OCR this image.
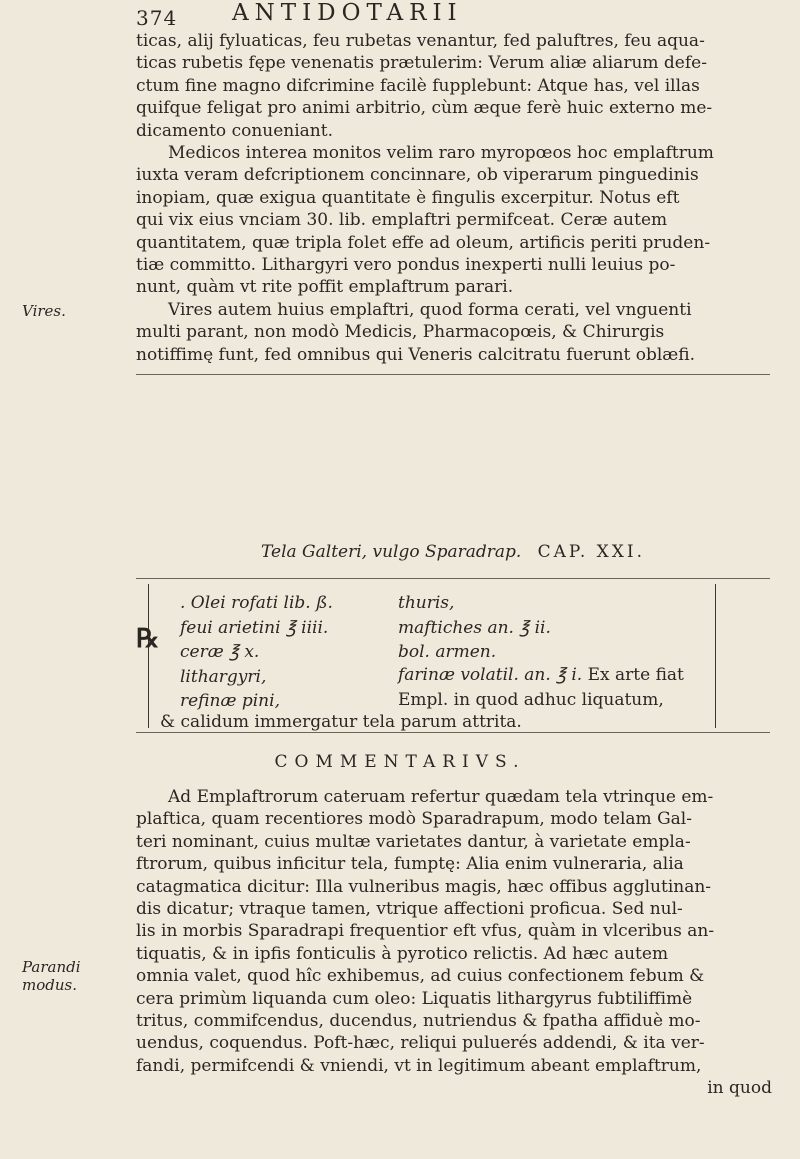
374 ANTIDOTARII
ticas, alij fyluaticas, feu rubetas venantur, fed paluftres, feu aqua-
ticas rubetis fępe venenatis prætulerim: Verum aliæ aliarum defe-
ctum fine magno difcrimine facilè fupplebunt: Atque has, vel illas
quifque feligat pro animi arbitrio, cùm æque ferè huic externo me-
dicamento conueniant.
Medicos interea monitos velim raro myropœos hoc emplaftrum
iuxta veram defcriptionem concinnare, ob viperarum pinguedinis
inopiam, quæ exigua quantitate è fingulis excerpitur. Notus eft
qui vix eius vnciam 30. lib. emplaftri permifceat. Ceræ autem
quantitatem, quæ tripla folet effe ad oleum, artificis periti pruden-
tiæ committo. Lithargyri vero pondus inexperti nulli leuius po-
nunt, quàm vt rite poffit emplaftrum parari.
Vires autem huius emplaftri, quod forma cerati, vel vnguenti
multi parant, non modò Medicis, Pharmacopœis, & Chirurgis
notiffimę funt, fed omnibus qui Veneris calcitratu fuerunt oblæfi.
Vires.
Tela Galteri, vulgo Sparadrap. CAP. XXI.
℞
. Olei rofati lib. ß.
feui arietini ℥ iiii.
ceræ ℥ x.
lithargyri,
refinæ pini,
thuris,
maftiches an. ℥ ii.
bol. armen.
farinæ volatil. an. ℥ i. Ex arte fiat
Empl. in quod adhuc liquatum,
& calidum immergatur tela parum attrita.
COMMENTARIVS.
Ad Emplaftrorum cateruam refertur quædam tela vtrinque em-
plaftica, quam recentiores modò Sparadrapum, modo telam Gal-
teri nominant, cuius multæ varietates dantur, à varietate empla-
ftrorum, quibus inficitur tela, fumptę: Alia enim vulneraria, alia
catagmatica dicitur: Illa vulneribus magis, hæc offibus agglutinan-
dis dicatur; vtraque tamen, vtrique affectioni proficua. Sed nul-
lis in morbis Sparadrapi frequentior eft vfus, quàm in vlceribus an-
tiquatis, & in ipfis fonticulis à pyrotico relictis. Ad hæc autem
omnia valet, quod hîc exhibemus, ad cuius confectionem febum &
cera primùm liquanda cum oleo: Liquatis lithargyrus fubtiliffimè
tritus, commifcendus, ducendus, nutriendus & fpatha affiduè mo-
uendus, coquendus. Poft-hæc, reliqui puluerés addendi, & ita ver-
fandi, permifcendi & vniendi, vt in legitimum abeant emplaftrum,
in quod
Parandi
modus.
